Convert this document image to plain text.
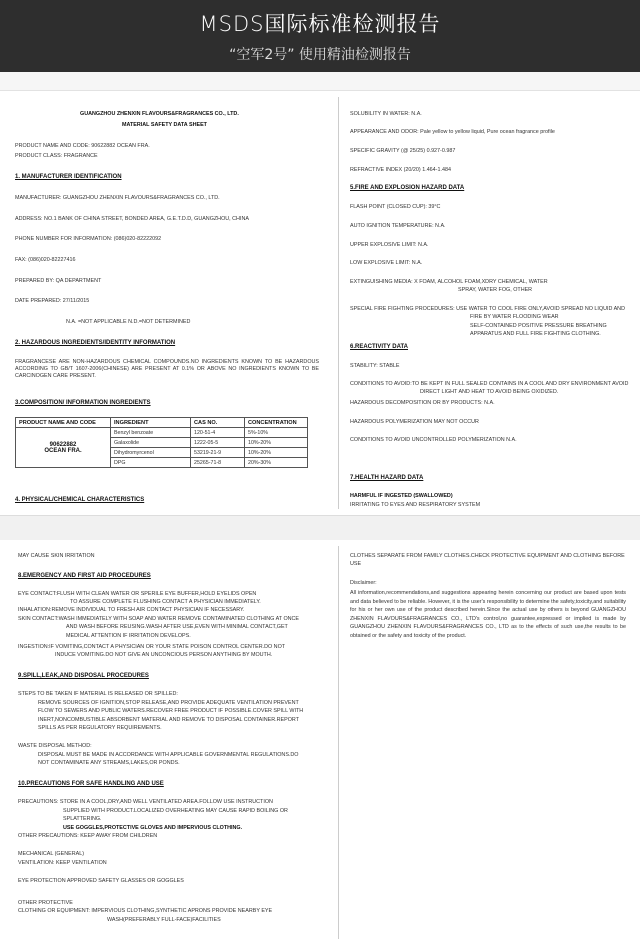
MSDS国际标准检测报告
“空军2号” 使用精油检测报告
GUANGZHOU ZHENXIN FLAVOURS&FRAGRANCES CO., LTD.
MATERIAL SAFETY DATA SHEET
PRODUCT NAME AND CODE: 90622882 OCEAN FRA.
PRODUCT CLASS: FRAGRANCE
1. MANUFACTURER IDENTIFICATION
MANUFACTURER: GUANGZHOU ZHENXIN FLAVOURS&FRAGRANCES CO., LTD.
ADDRESS: NO.1 BANK OF CHINA STREET, BONDED AREA, G.E.T.D.D, GUANGZHOU, CHINA
PHONE NUMBER FOR INFORMATION: (086)020-82222092
FAX: (086)020-82227416
PREPARED BY: QA DEPARTMENT
DATE PREPARED: 27/11/2015
N.A. =NOT APPLICABLE N.D.=NOT DETERMINED
2. HAZARDOUS INGREDIENTS/IDENTITY INFORMATION
FRAGRANCESE ARE NON-HAZARDOUS CHEMICAL COMPOUNDS.NO INGREDIENTS KNOWN TO BE HAZARDOUS ACCORDING TO GB/T 1607-2006(CHINESE) ARE PRESENT AT 0.1% OR ABOVE NO INGREDIENTS KNOWN TO BE CARCINOGEN CARE PRESENT.
3.COMPOSITION/ INFORMATION INGREDIENTS
PRODUCT NAME AND CODE	INGREDIENT	CAS NO.	CONCENTRATION

90622882
OCEAN FRA.	Benzyl benzoate	120-51-4	5%-10%
	Galaxolide	1222-05-5	10%-20%
	Dihydromyrcenol	53219-21-9	10%-20%
	DPG	25265-71-8	20%-30%
4. PHYSICAL/CHEMICAL CHARACTERISTICS
SOLUBILITY IN WATER: N.A.
APPEARANCE AND ODOR: Pale yellow to yellow liquid, Pure ocean fragrance profile
SPECIFIC GRAVITY (@ 25/25) 0.927-0.987
REFRACTIVE INDEX (20/20) 1.464-1.484
5.FIRE AND EXPLOSION HAZARD DATA
FLASH POINT (CLOSED CUP): 39°C
AUTO IGNITION TEMPERATURE: N.A.
UPPER EXPLOSIVE LIMIT: N.A.
LOW EXPLOSIVE LIMIT: N.A.
EXTINGUISHING MEDIA: X FOAM, ALCOHOL FOAM,XDRY CHEMICAL, WATER
SPRAY, WATER FOG, OTHER
SPECIAL FIRE FIGHTING PROCEDURES: USE WATER TO COOL FIRE ONLY,AVOID SPREAD NO LIQUID AND
FIRE BY WATER FLOODING WEAR
SELF-CONTAINED POSITIVE PRESSURE BREATHING
APPARATUS AND FULL FIRE FIGHTING CLOTHING.
6.REACTIVITY DATA
STABILITY: STABLE
CONDITIONS TO AVOID:TO BE KEPT IN FULL SEALED CONTAINS IN A COOL AND DRY ENVIRONMENT AVOID
DIRECT LIGHT AND HEAT TO AVOID BEING OXIDIZED.
HAZARDOUS DECOMPOSITION OR BY PRODUCTS: N.A.
HAZARDOUS POLYMERIZATION MAY NOT OCCUR
CONDITIONS TO AVOID UNCONTROLLED POLYMERIZATION N.A.
7.HEALTH HAZARD DATA
HARMFUL IF INGESTED (SWALLOWED)
IRRITATING TO EYES AND RESPIRATORY SYSTEM
MAY CAUSE SKIN IRRITATION
8.EMERGENCY AND FIRST AID PROCEDURES
EYE CONTACT:FLUSH WITH CLEAN WATER OR SPERILE EYE BUFFER,HOLD EYELIDS OPEN
TO ASSURE COMPLETE FLUSHING CONTACT A PHYSICIAN IMMEDIATELY.
INHALATION:REMOVE INDIVIDUAL TO FRESH AIR CONTACT PHYSICIAN IF NECESSARY.
SKIN CONTACT:WASH IMMEDIATELY WITH SOAP AND WATER REMOVE CONTAMINATED CLOTHING AT ONCE
AND WASH BEFORE REUSING.WASH AFTER USE,EVEN WITH MINIMAL CONTACT,GET
MEDICAL ATTENTION IF IRRITATION DEVELOPS.
INGESTION:IF VOMITING,CONTACT A PHYSICIAN OR YOUR STATE POISON CONTROL CENTER.DO NOT
INDUCE VOMITING.DO NOT GIVE AN UNCONCIOUS PERSON ANYTHING BY MOUTH.
9.SPILL,LEAK,AND DISPOSAL PROCEDURES
STEPS TO BE TAKEN IF MATERIAL IS RELEASED OR SPILLED:
REMOVE SOURCES OF IGNITION,STOP RELEASE,AND PROVIDE ADEQUATE VENTILATION PREVENT
FLOW TO SEWERS AND PUBLIC WATERS.RECOVER FREE PRODUCT IF POSSIBLE.COVER SPILL WITH
INERT,NONCOMBUSTIBLE ABSORBENT MATERIAL AND REMOVE TO DISPOSAL CONTAINER.REPORT
SPILLS AS PER REGULATORY REQUIREMENTS.
WASTE DISPOSAL METHOD:
DISPOSAL MUST BE MADE IN ACCORDANCE WITH APPLICABLE GOVERNMENTAL REGULATIONS.DO
NOT CONTAMINATE ANY STREAMS,LAKES,OR PONDS.
10.PRECAUTIONS FOR SAFE HANDLING AND USE
PRECAUTIONS: STORE IN A COOL,DRY,AND WELL VENTILATED AREA.FOLLOW USE INSTRUCTION
SUPPLIED WITH PRODUCT.LOCALIZED OVERHEATING MAY CAUSE RAPID BOILING OR
SPLATTERING.
USE GOGGLES,PROTECTIVE GLOVES AND IMPERVIOUS CLOTHING.
OTHER PRECAUTIONS: KEEP AWAY FROM CHILDREN
MECHANICAL (GENERAL)
VENTILATION: KEEP VENTILATION
EYE PROTECTION APPROVED SAFETY GLASSES OR GOGGLES
OTHER PROTECTIVE
CLOTHING OR EQUIPMENT: IMPERVIOUS CLOTHING,SYNTHETIC APRONS PROVIDE NEARBY EYE
WASH(PREFERABLY FULL-FACE)FACILITIES
CLOTHES SEPARATE FROM FAMILY CLOTHES.CHECK PROTECTIVE EQUIPMENT AND CLOTHING BEFORE
USE
Disclaimer:
All information,recommendations,and suggestions appearing herein concerning our product are based upon tests and data believed to be reliable. However, it is the user's responsibility to determine the safety,toxicity,and suitability for his or her own use of the product described herein.Since the actual use by others is beyond GUANGZHOU ZHENXIN FLAVOURS&FRAGRANCES CO., LTD's control,no guarantee,expressed or implied is made by GUANGZHOU ZHENXIN FLAVOURS&FRAGRANCES CO., LTD as to the effects of such use,the results to be obtained or the safety and toxicity of the product.
